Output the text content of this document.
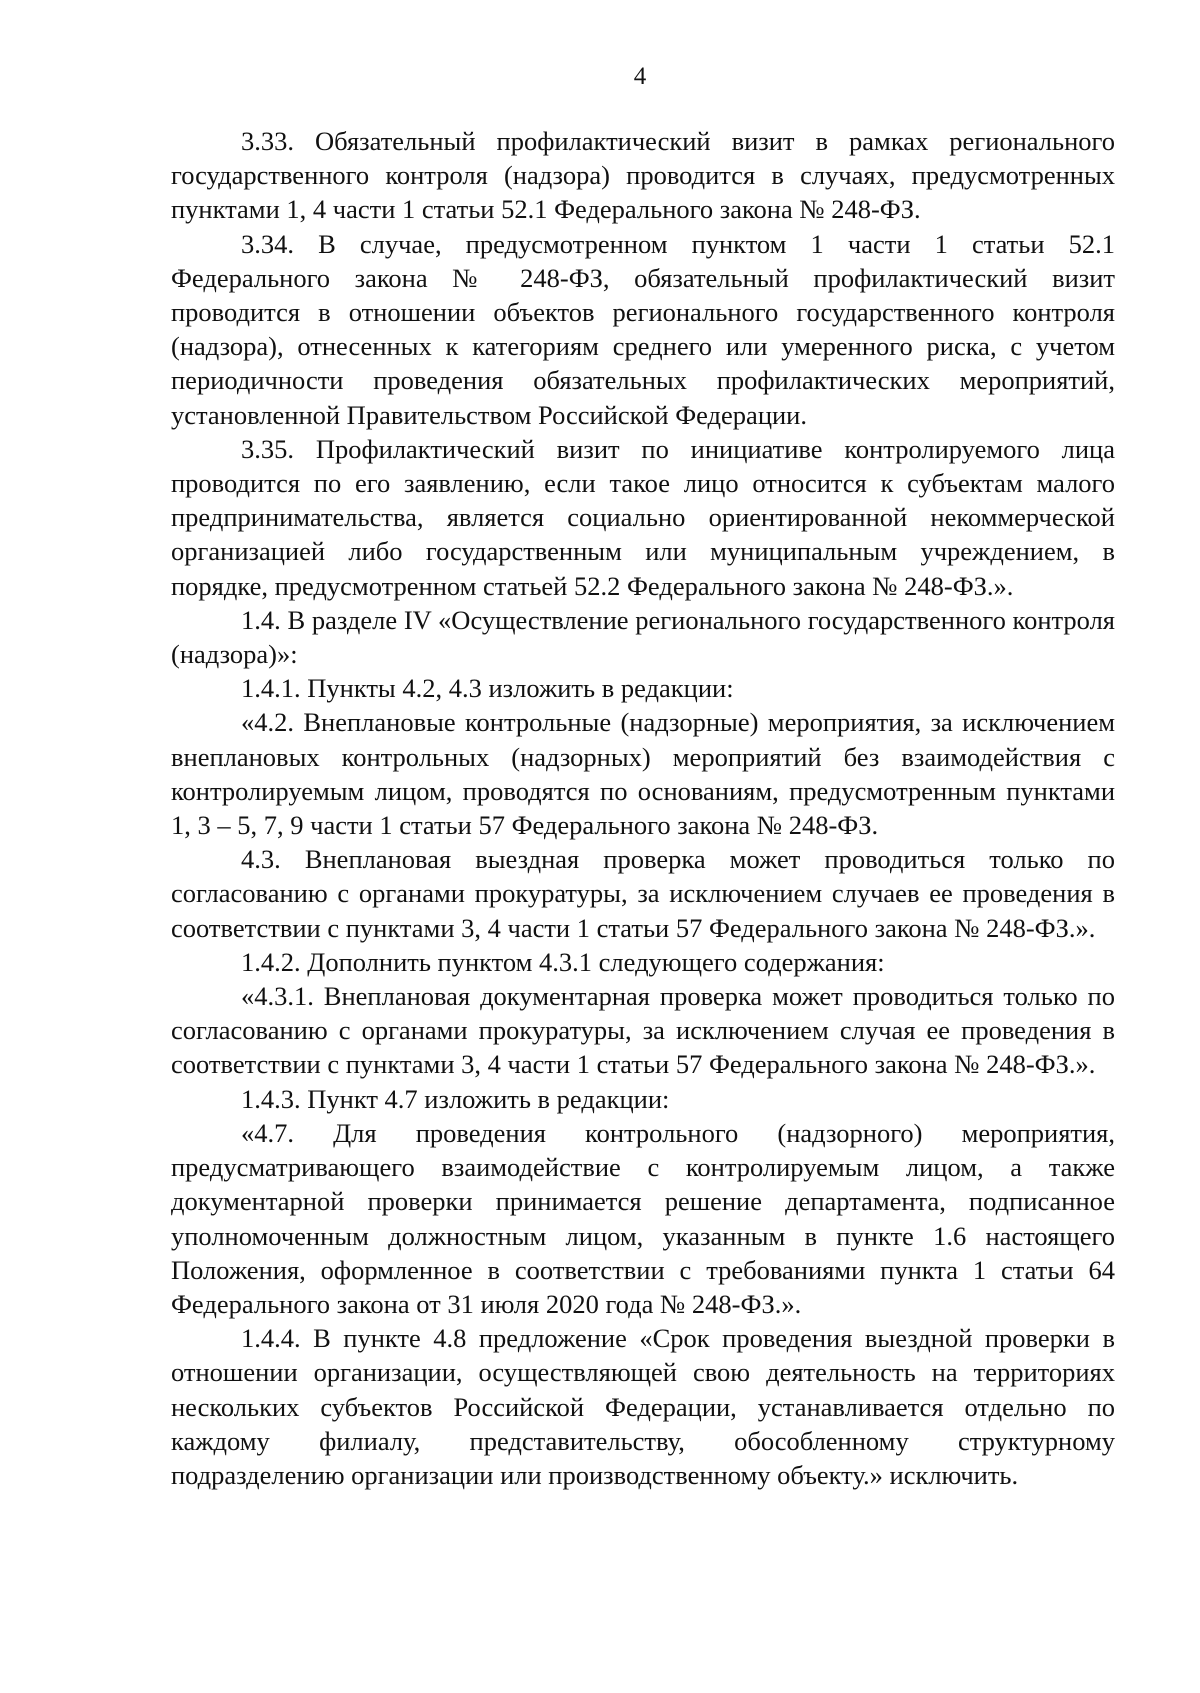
4

3.33. Обязательный профилактический визит в рамках регионального государственного контроля (надзора) проводится в случаях, предусмотренных пунктами 1, 4 части 1 статьи 52.1 Федерального закона № 248-ФЗ.

3.34. В случае, предусмотренном пунктом 1 части 1 статьи 52.1 Федерального закона № 248-ФЗ, обязательный профилактический визит проводится в отношении объектов регионального государственного контроля (надзора), отнесенных к категориям среднего или умеренного риска, с учетом периодичности проведения обязательных профилактических мероприятий, установленной Правительством Российской Федерации.

3.35. Профилактический визит по инициативе контролируемого лица проводится по его заявлению, если такое лицо относится к субъектам малого предпринимательства, является социально ориентированной некоммерческой организацией либо государственным или муниципальным учреждением, в порядке, предусмотренном статьей 52.2 Федерального закона № 248-ФЗ.».

1.4. В разделе IV «Осуществление регионального государственного контроля (надзора)»:

1.4.1. Пункты 4.2, 4.3 изложить в редакции:

«4.2. Внеплановые контрольные (надзорные) мероприятия, за исключением внеплановых контрольных (надзорных) мероприятий без взаимодействия с контролируемым лицом, проводятся по основаниям, предусмотренным пунктами 1, 3 – 5, 7, 9 части 1 статьи 57 Федерального закона № 248-ФЗ.

4.3. Внеплановая выездная проверка может проводиться только по согласованию с органами прокуратуры, за исключением случаев ее проведения в соответствии с пунктами 3, 4 части 1 статьи 57 Федерального закона № 248-ФЗ.».

1.4.2. Дополнить пунктом 4.3.1 следующего содержания:

«4.3.1. Внеплановая документарная проверка может проводиться только по согласованию с органами прокуратуры, за исключением случая ее проведения в соответствии с пунктами 3, 4 части 1 статьи 57 Федерального закона № 248-ФЗ.».

1.4.3. Пункт 4.7 изложить в редакции:

«4.7. Для проведения контрольного (надзорного) мероприятия, предусматривающего взаимодействие с контролируемым лицом, а также документарной проверки принимается решение департамента, подписанное уполномоченным должностным лицом, указанным в пункте 1.6 настоящего Положения, оформленное в соответствии с требованиями пункта 1 статьи 64 Федерального закона от 31 июля 2020 года № 248-ФЗ.».

1.4.4. В пункте 4.8 предложение «Срок проведения выездной проверки в отношении организации, осуществляющей свою деятельность на территориях нескольких субъектов Российской Федерации, устанавливается отдельно по каждому филиалу, представительству, обособленному структурному подразделению организации или производственному объекту.» исключить.
